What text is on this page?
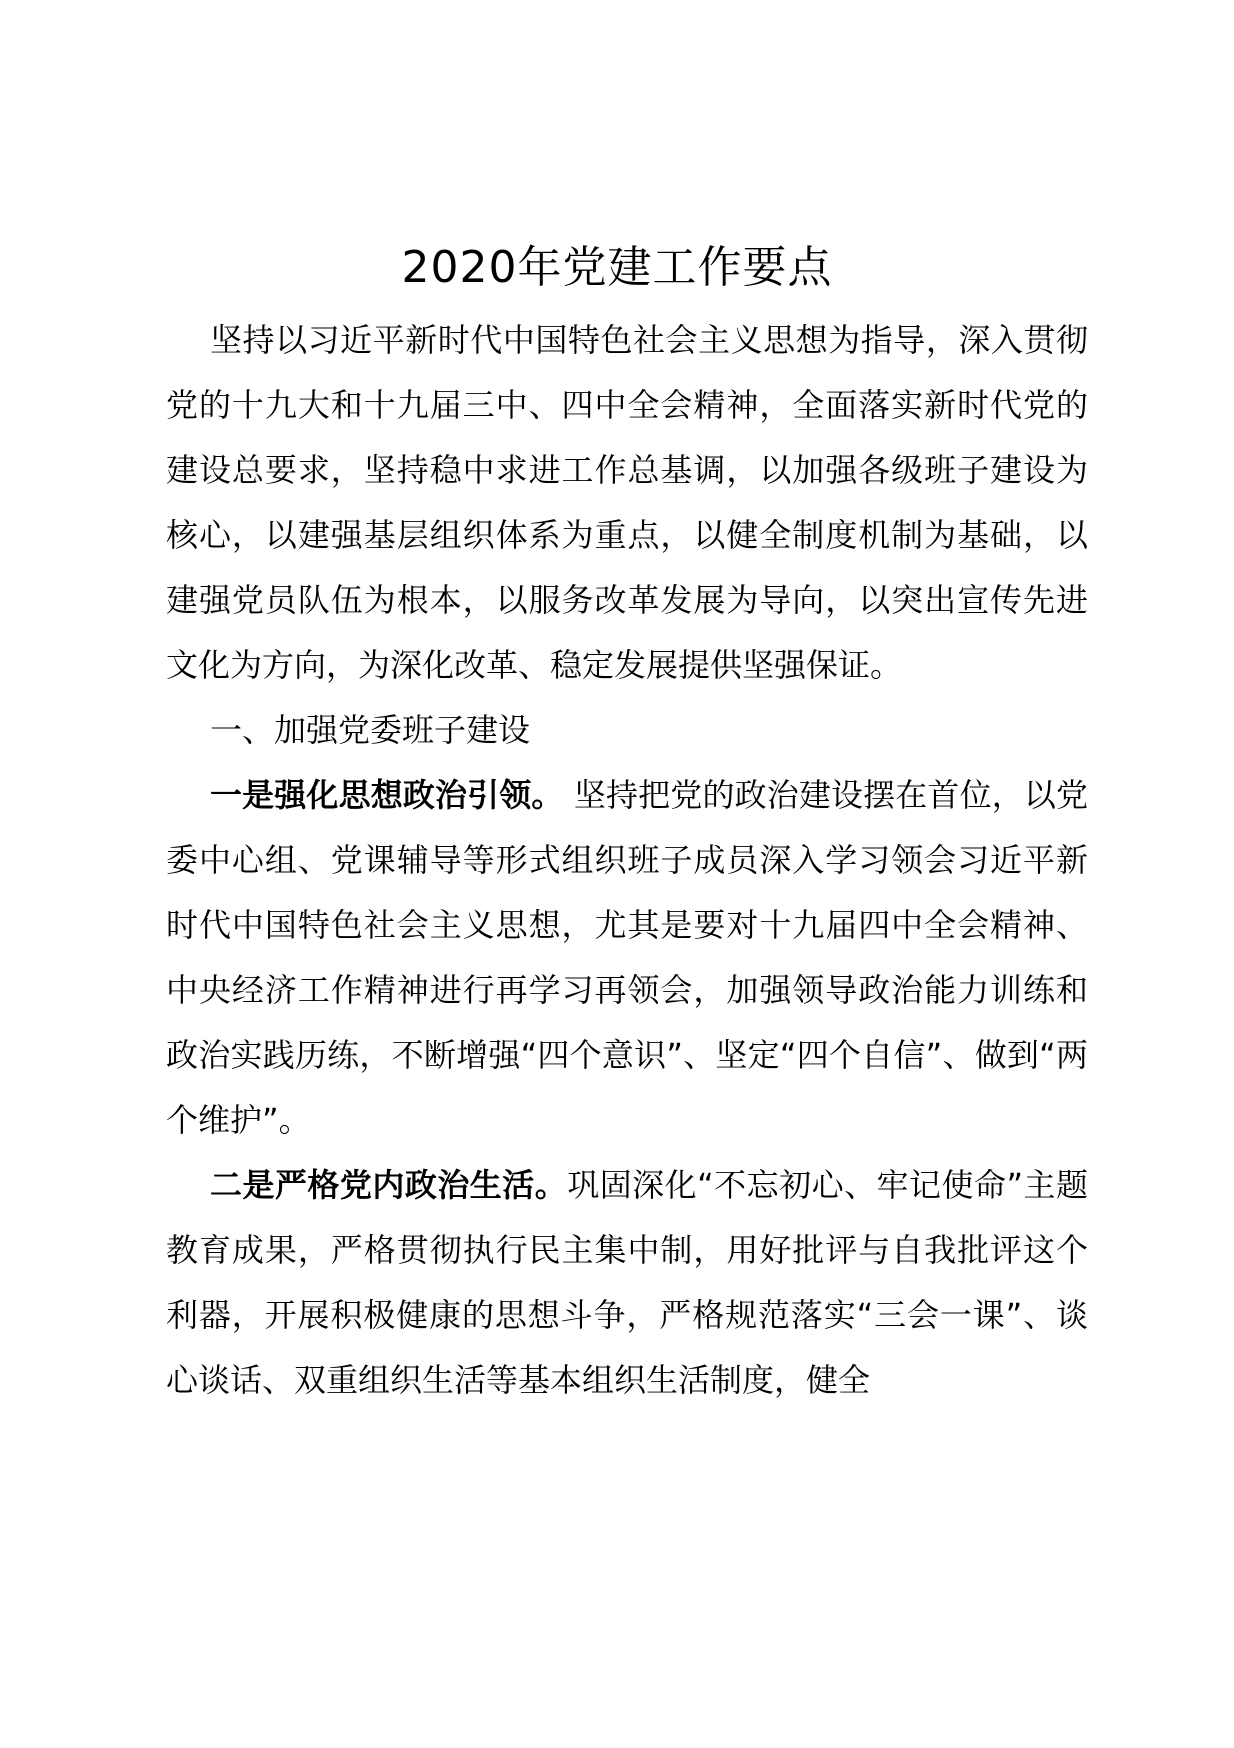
2020年党建工作要点

坚持以习近平新时代中国特色社会主义思想为指导，深入贯彻党的十九大和十九届三中、四中全会精神，全面落实新时代党的建设总要求，坚持稳中求进工作总基调，以加强各级班子建设为核心，以建强基层组织体系为重点，以健全制度机制为基础，以建强党员队伍为根本，以服务改革发展为导向，以突出宣传先进文化为方向，为深化改革、稳定发展提供坚强保证。

一、加强党委班子建设

一是强化思想政治引领。 坚持把党的政治建设摆在首位，以党委中心组、党课辅导等形式组织班子成员深入学习领会习近平新时代中国特色社会主义思想，尤其是要对十九届四中全会精神、中央经济工作精神进行再学习再领会，加强领导政治能力训练和政治实践历练，不断增强“四个意识”、坚定“四个自信”、做到“两个维护”。

二是严格党内政治生活。巩固深化“不忘初心、牢记使命”主题教育成果，严格贯彻执行民主集中制，用好批评与自我批评这个利器，开展积极健康的思想斗争，严格规范落实“三会一课”、谈心谈话、双重组织生活等基本组织生活制度，健全
